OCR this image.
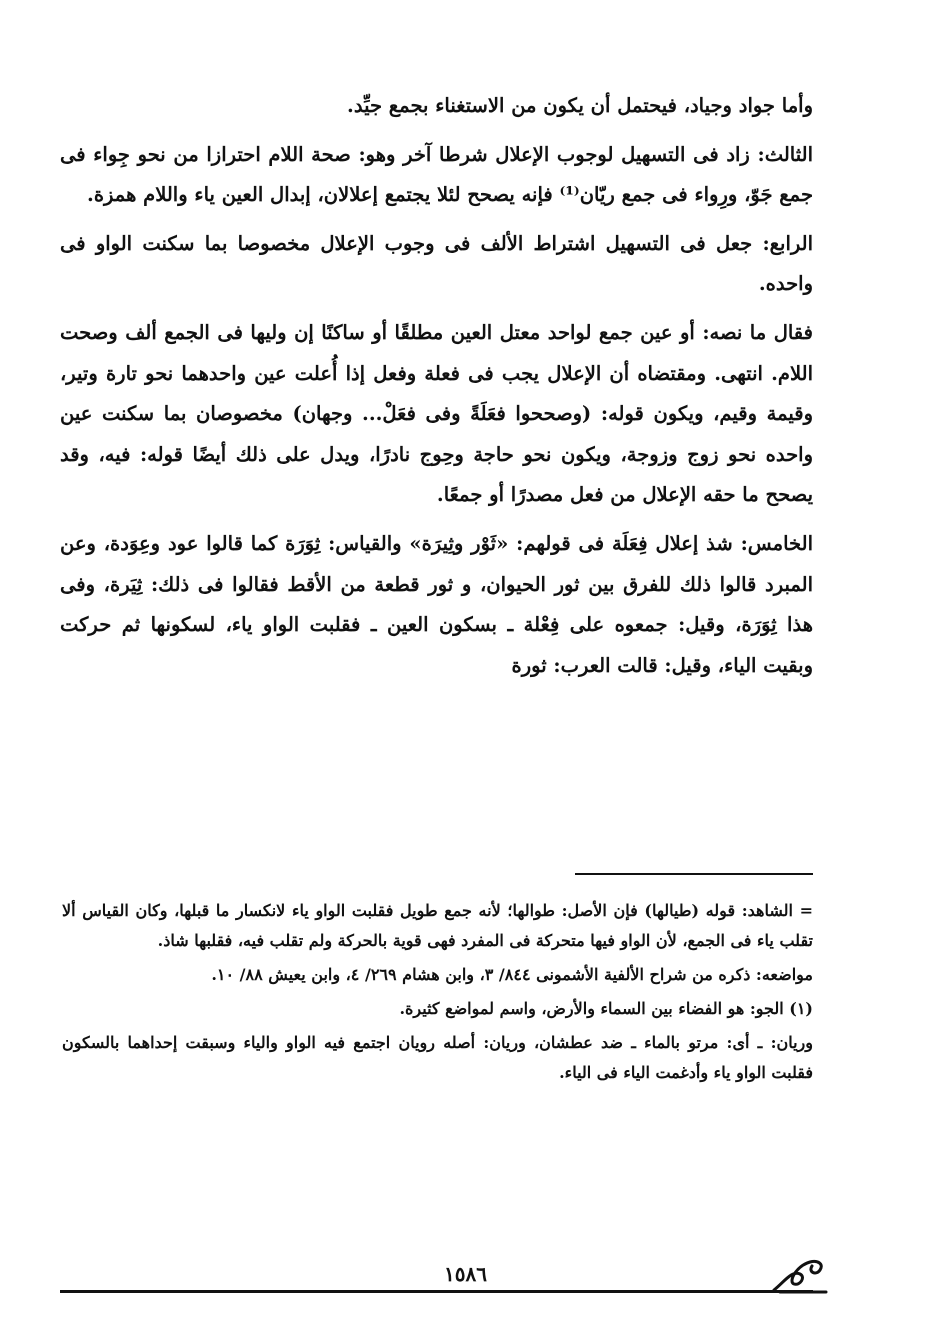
وأما جواد وجياد، فيحتمل أن يكون من الاستغناء بجمع جيِّد.

الثالث: زاد فى التسهيل لوجوب الإعلال شرطا آخر وهو: صحة اللام احترازا من نحو جِواء فى جمع جَوّ، ورِواء فى جمع ريّان⁽¹⁾ فإنه يصحح لئلا يجتمع إعلالان، إبدال العين ياء واللام همزة.

الرابع: جعل فى التسهيل اشتراط الألف فى وجوب الإعلال مخصوصا بما سكنت الواو فى واحده.

فقال ما نصه: أو عين جمع لواحد معتل العين مطلقًا أو ساكنًا إن وليها فى الجمع ألف وصحت اللام. انتهى. ومقتضاه أن الإعلال يجب فى فعلة وفعل إذا أُعلت عين واحدهما نحو تارة وتير، وقيمة وقيم، ويكون قوله: (وصححوا فعَلَةً وفى فعَلْ... وجهان) مخصوصان بما سكنت عين واحده نحو زوج وزوجة، ويكون نحو حاجة وحِوج نادرًا، ويدل على ذلك أيضًا قوله: فيه، وقد يصحح ما حقه الإعلال من فعل مصدرًا أو جمعًا.

الخامس: شذ إعلال فِعَلَة فى قولهم: «ثَوْر وثِيرَة» والقياس: ثِوَرَة كما قالوا عود وعِوَدة، وعن المبرد قالوا ذلك للفرق بين ثور الحيوان، و ثور قطعة من الأقط فقالوا فى ذلك: ثِيَرة، وفى هذا ثِوَرَة، وقيل: جمعوه على فِعْلة ـ بسكون العين ـ فقلبت الواو ياء، لسكونها ثم حركت وبقيت الياء، وقيل: قالت العرب: ثورة

= الشاهد: قوله (طيالها) فإن الأصل: طوالها؛ لأنه جمع طويل فقلبت الواو ياء لانكسار ما قبلها، وكان القياس ألا تقلب ياء فى الجمع، لأن الواو فيها متحركة فى المفرد فهى قوية بالحركة ولم تقلب فيه، فقلبها شاذ.

مواضعه: ذكره من شراح الألفية الأشمونى ٨٤٤/ ٣، وابن هشام ٢٦٩/ ٤، وابن يعيش ٨٨/ ١٠.

(١) الجو: هو الفضاء بين السماء والأرض، واسم لمواضع كثيرة.

وريان: ـ أى: مرتو بالماء ـ ضد عطشان، وريان: أصله رويان اجتمع فيه الواو والياء وسبقت إحداهما بالسكون فقلبت الواو ياء وأدغمت الياء فى الياء.

١٥٨٦
